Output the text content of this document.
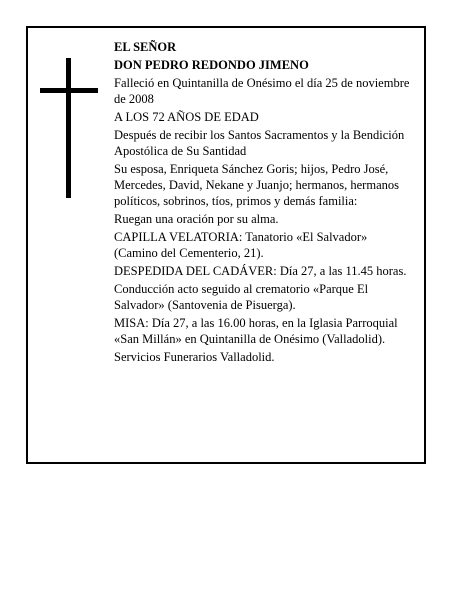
EL SEÑOR

DON PEDRO REDONDO JIMENO

Falleció en Quintanilla de Onésimo el día 25 de noviembre de 2008

A LOS 72 AÑOS DE EDAD

Después de recibir los Santos Sacramentos y la Bendición Apostólica de Su Santidad

Su esposa, Enriqueta Sánchez Goris; hijos, Pedro José, Mercedes, David, Nekane y Juanjo; hermanos, hermanos políticos, sobrinos, tíos, primos y demás familia:

Ruegan una oración por su alma.

CAPILLA VELATORIA: Tanatorio «El Salvador» (Camino del Cementerio, 21).

DESPEDIDA DEL CADÁVER: Día 27, a las 11.45 horas.

Conducción acto seguido al crematorio «Parque El Salvador» (Santovenia de Pisuerga).

MISA: Día 27, a las 16.00 horas, en la Iglasia Parroquial «San Millán» en Quintanilla de Onésimo (Valladolid).

Servicios Funerarios Valladolid.
